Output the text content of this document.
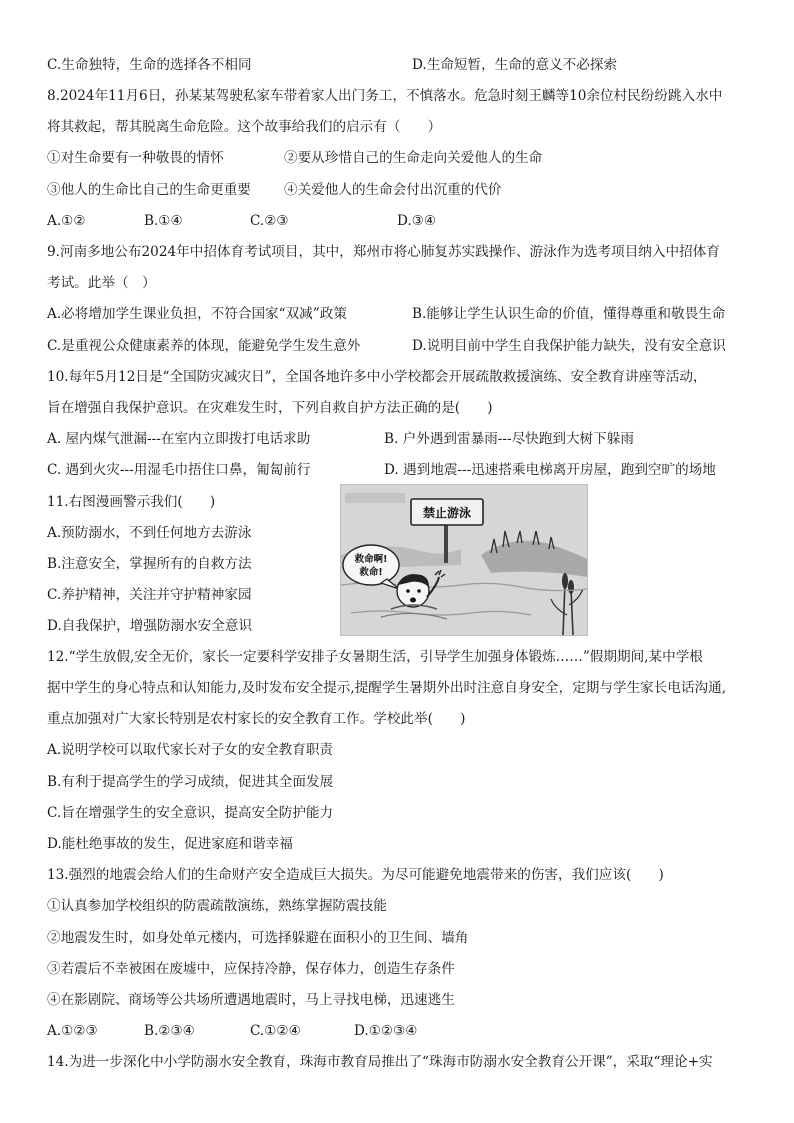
C.生命独特，生命的选择各不相同	D.生命短暂，生命的意义不必探索
8.2024年11月6日，孙某某驾驶私家车带着家人出门务工，不慎落水。危急时刻王麟等10余位村民纷纷跳入水中
将其救起，帮其脱离生命危险。这个故事给我们的启示有（　　）
①对生命要有一种敬畏的情怀	②要从珍惜自己的生命走向关爱他人的生命
③他人的生命比自己的生命更重要 ④关爱他人的生命会付出沉重的代价
A.①②	B.①④	C.②③	D.③④
9.河南多地公布2024年中招体育考试项目，其中，郑州市将心肺复苏实践操作、游泳作为选考项目纳入中招体育
考试。此举（　）
A.必将增加学生课业负担，不符合国家“双减”政策	B.能够让学生认识生命的价值，懂得尊重和敬畏生命
C.是重视公众健康素养的体现，能避免学生发生意外	D.说明目前中学生自我保护能力缺失，没有安全意识
10.每年5月12日是“全国防灾减灾日”，全国各地许多中小学校都会开展疏散救援演练、安全教育讲座等活动，
旨在增强自我保护意识。在灾难发生时，下列自救自护方法正确的是(　　)
A. 屋内煤气泄漏---在室内立即拨打电话求助	B. 户外遇到雷暴雨---尽快跑到大树下躲雨
C. 遇到火灾---用湿毛巾捂住口鼻，匍匐前行	D. 遇到地震---迅速搭乘电梯离开房屋，跑到空旷的场地
11.右图漫画警示我们(　　)
A.预防溺水，不到任何地方去游泳
B.注意安全，掌握所有的自救方法
C.养护精神，关注并守护精神家园
D.自我保护，增强防溺水安全意识
禁止游泳
救命啊!
救命!
12.“学生放假,安全无价，家长一定要科学安排子女暑期生活，引导学生加强身体锻炼……”假期期间,某中学根
据中学生的身心特点和认知能力,及时发布安全提示,提醒学生暑期外出时注意自身安全，定期与学生家长电话沟通,
重点加强对广大家长特别是农村家长的安全教育工作。学校此举(　　)
A.说明学校可以取代家长对子女的安全教育职责
B.有利于提高学生的学习成绩，促进其全面发展
C.旨在增强学生的安全意识，提高安全防护能力
D.能杜绝事故的发生，促进家庭和谐幸福
13.强烈的地震会给人们的生命财产安全造成巨大损失。为尽可能避免地震带来的伤害，我们应该(　　)
①认真参加学校组织的防震疏散演练，熟练掌握防震技能
②地震发生时，如身处单元楼内，可选择躲避在面积小的卫生间、墙角
③若震后不幸被困在废墟中，应保持冷静，保存体力，创造生存条件
④在影剧院、商场等公共场所遭遇地震时，马上寻找电梯，迅速逃生
A.①②③	B.②③④	C.①②④	D.①②③④
14.为进一步深化中小学防溺水安全教育，珠海市教育局推出了“珠海市防溺水安全教育公开课”，采取“理论+实
